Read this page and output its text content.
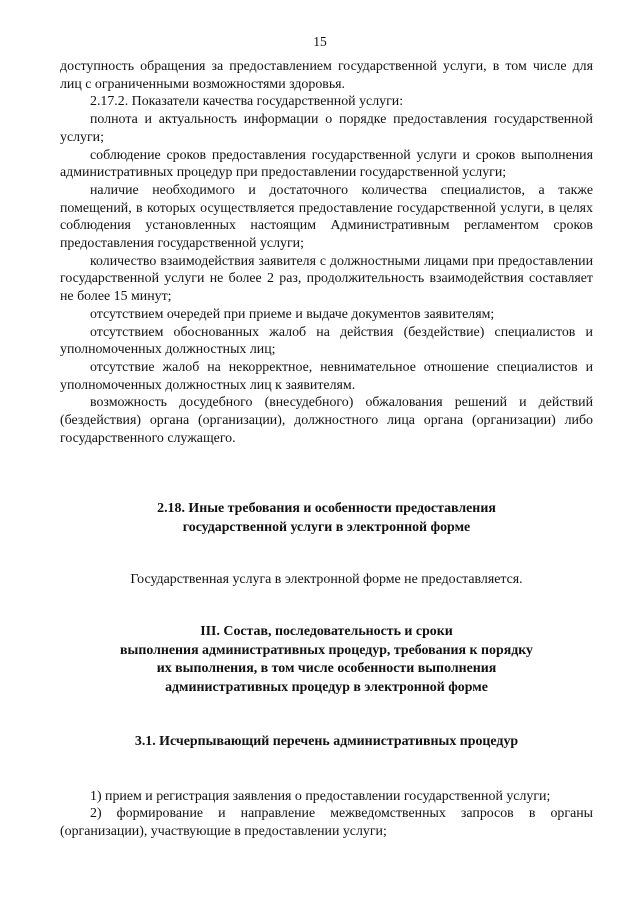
15

доступность обращения за предоставлением государственной услуги, в том числе для лиц с ограниченными возможностями здоровья.

2.17.2. Показатели качества государственной услуги:

полнота и актуальность информации о порядке предоставления государственной услуги;

соблюдение сроков предоставления государственной услуги и сроков выполнения административных процедур при предоставлении государственной услуги;

наличие необходимого и достаточного количества специалистов, а также помещений, в которых осуществляется предоставление государственной услуги, в целях соблюдения установленных настоящим Административным регламентом сроков предоставления государственной услуги;

количество взаимодействия заявителя с должностными лицами при предоставлении государственной услуги не более 2 раз, продолжительность взаимодействия составляет не более 15 минут;

отсутствием очередей при приеме и выдаче документов заявителям;

отсутствием обоснованных жалоб на действия (бездействие) специалистов и уполномоченных должностных лиц;

отсутствие жалоб на некорректное, невнимательное отношение специалистов и уполномоченных должностных лиц к заявителям.

возможность досудебного (внесудебного) обжалования решений и действий (бездействия) органа (организации), должностного лица органа (организации) либо государственного служащего.

2.18. Иные требования и особенности предоставления

государственной услуги в электронной форме

Государственная услуга в электронной форме не предоставляется.

III. Состав, последовательность и сроки

выполнения административных процедур, требования к порядку

их выполнения, в том числе особенности выполнения

административных процедур в электронной форме

3.1. Исчерпывающий перечень административных процедур

1) прием и регистрация заявления о предоставлении государственной услуги;

2) формирование и направление межведомственных запросов в органы (организации), участвующие в предоставлении услуги;
